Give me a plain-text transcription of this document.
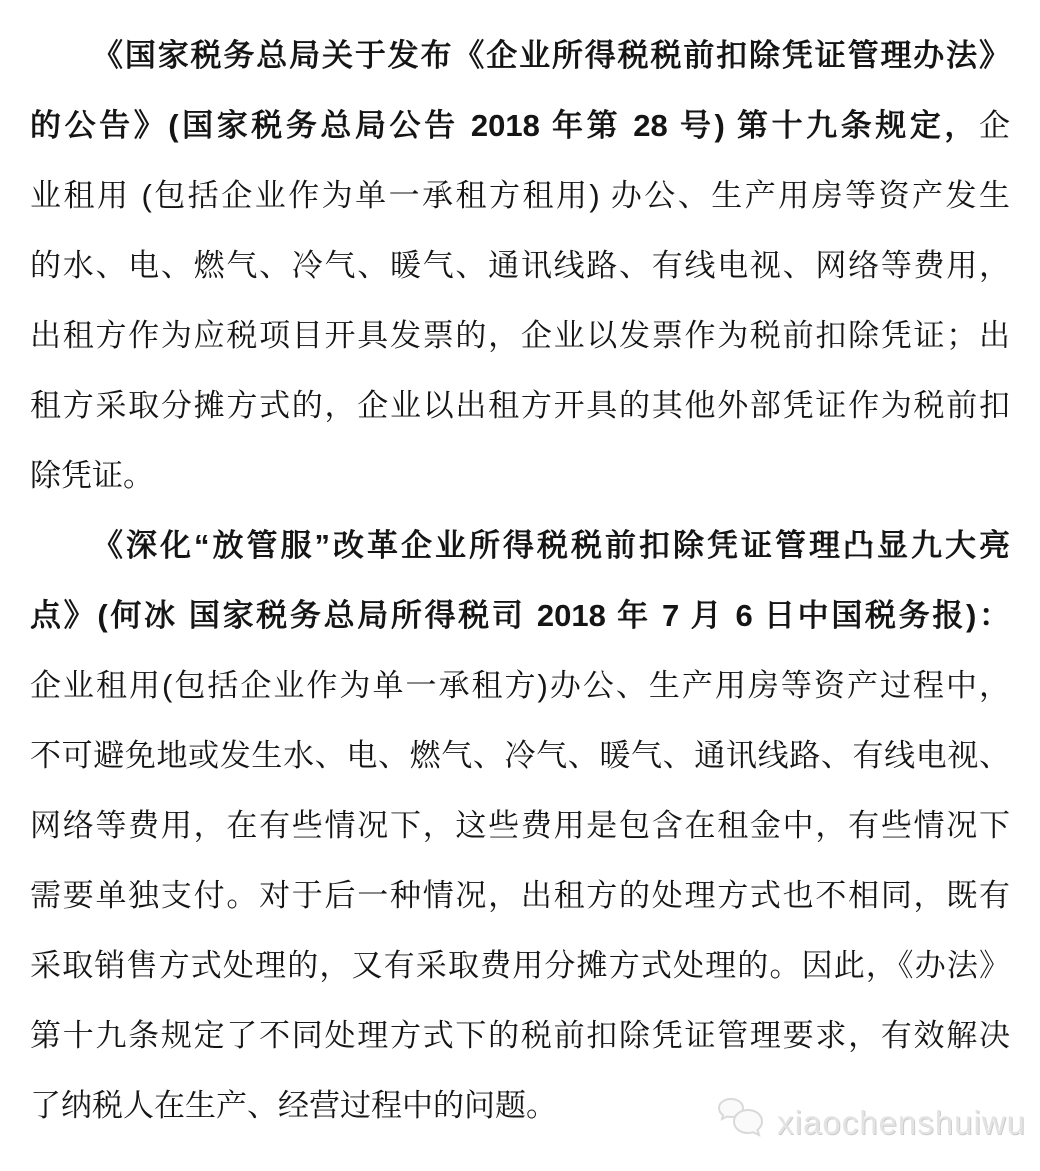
《国家税务总局关于发布《企业所得税税前扣除凭证管理办法》
的公告》(国家税务总局公告 2018 年第 28 号) 第十九条规定，企
业租用 (包括企业作为单一承租方租用) 办公、生产用房等资产发生
的水、电、燃气、冷气、暖气、通讯线路、有线电视、网络等费用，
出租方作为应税项目开具发票的，企业以发票作为税前扣除凭证；出
租方采取分摊方式的，企业以出租方开具的其他外部凭证作为税前扣
除凭证。
《深化“放管服”改革企业所得税税前扣除凭证管理凸显九大亮
点》(何冰 国家税务总局所得税司 2018 年 7 月 6 日中国税务报)：
企业租用(包括企业作为单一承租方)办公、生产用房等资产过程中，
不可避免地或发生水、电、燃气、冷气、暖气、通讯线路、有线电视、
网络等费用，在有些情况下，这些费用是包含在租金中，有些情况下
需要单独支付。对于后一种情况，出租方的处理方式也不相同，既有
采取销售方式处理的，又有采取费用分摊方式处理的。因此，《办法》
第十九条规定了不同处理方式下的税前扣除凭证管理要求，有效解决
了纳税人在生产、经营过程中的问题。	xiaochenshuiwu
